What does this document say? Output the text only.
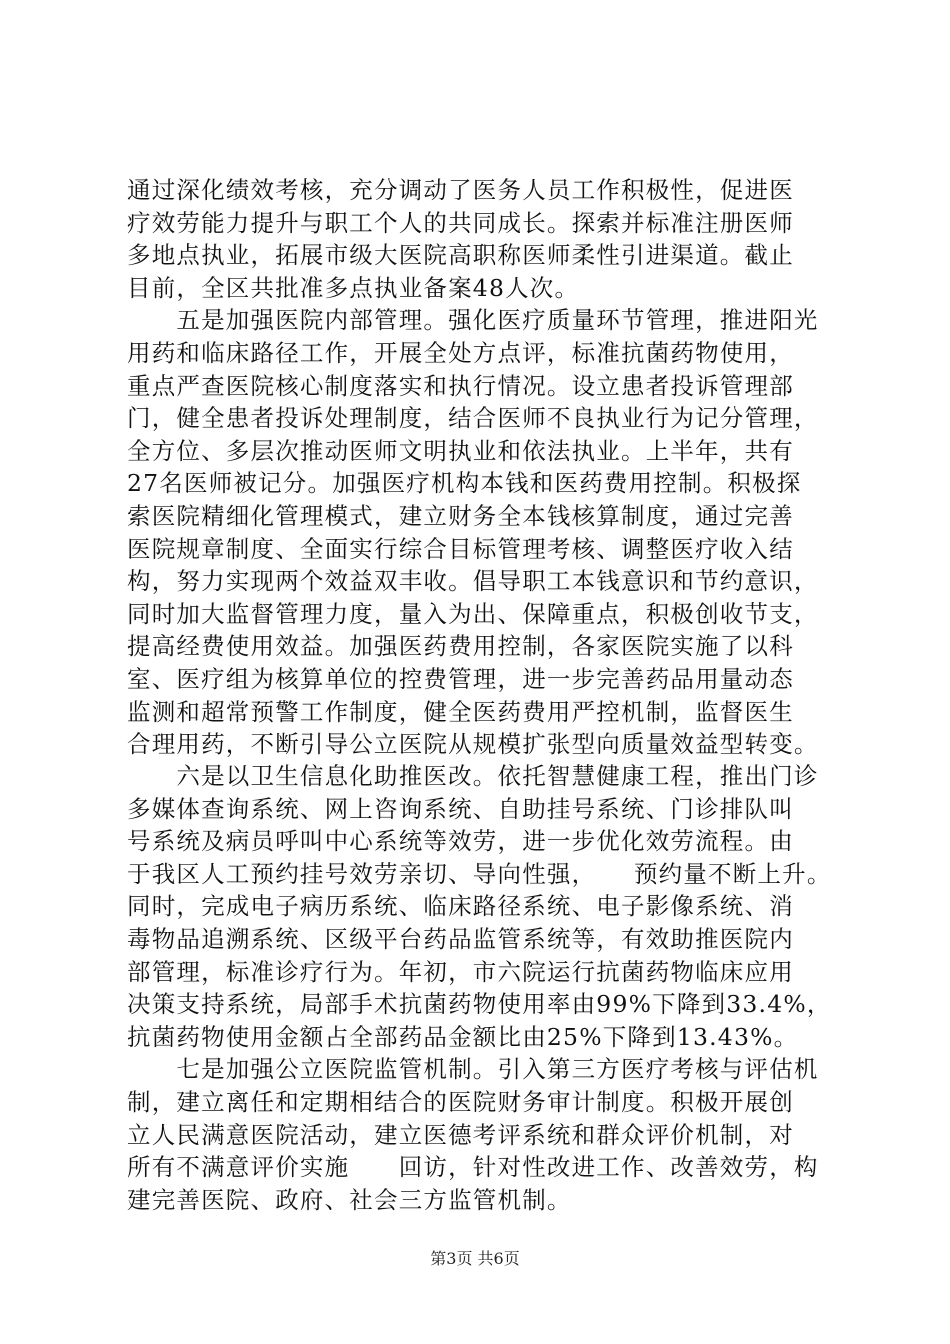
通过深化绩效考核，充分调动了医务人员工作积极性，促进医
疗效劳能力提升与职工个人的共同成长。探索并标准注册医师
多地点执业，拓展市级大医院高职称医师柔性引进渠道。截止
目前，全区共批准多点执业备案48人次。
　　五是加强医院内部管理。强化医疗质量环节管理，推进阳光
用药和临床路径工作，开展全处方点评，标准抗菌药物使用，
重点严查医院核心制度落实和执行情况。设立患者投诉管理部
门，健全患者投诉处理制度，结合医师不良执业行为记分管理，
全方位、多层次推动医师文明执业和依法执业。上半年，共有
27名医师被记分。加强医疗机构本钱和医药费用控制。积极探
索医院精细化管理模式，建立财务全本钱核算制度，通过完善
医院规章制度、全面实行综合目标管理考核、调整医疗收入结
构，努力实现两个效益双丰收。倡导职工本钱意识和节约意识，
同时加大监督管理力度，量入为出、保障重点，积极创收节支，
提高经费使用效益。加强医药费用控制，各家医院实施了以科
室、医疗组为核算单位的控费管理，进一步完善药品用量动态
监测和超常预警工作制度，健全医药费用严控机制，监督医生
合理用药，不断引导公立医院从规模扩张型向质量效益型转变。
　　六是以卫生信息化助推医改。依托智慧健康工程，推出门诊
多媒体查询系统、网上咨询系统、自助挂号系统、门诊排队叫
号系统及病员呼叫中心系统等效劳，进一步优化效劳流程。由
于我区人工预约挂号效劳亲切、导向性强，　　预约量不断上升。
同时，完成电子病历系统、临床路径系统、电子影像系统、消
毒物品追溯系统、区级平台药品监管系统等，有效助推医院内
部管理，标准诊疗行为。年初，市六院运行抗菌药物临床应用
决策支持系统，局部手术抗菌药物使用率由99%下降到33.4%，
抗菌药物使用金额占全部药品金额比由25%下降到13.43%。
　　七是加强公立医院监管机制。引入第三方医疗考核与评估机
制，建立离任和定期相结合的医院财务审计制度。积极开展创
立人民满意医院活动，建立医德考评系统和群众评价机制，对
所有不满意评价实施　　回访，针对性改进工作、改善效劳，构
建完善医院、政府、社会三方监管机制。
第3页 共6页
